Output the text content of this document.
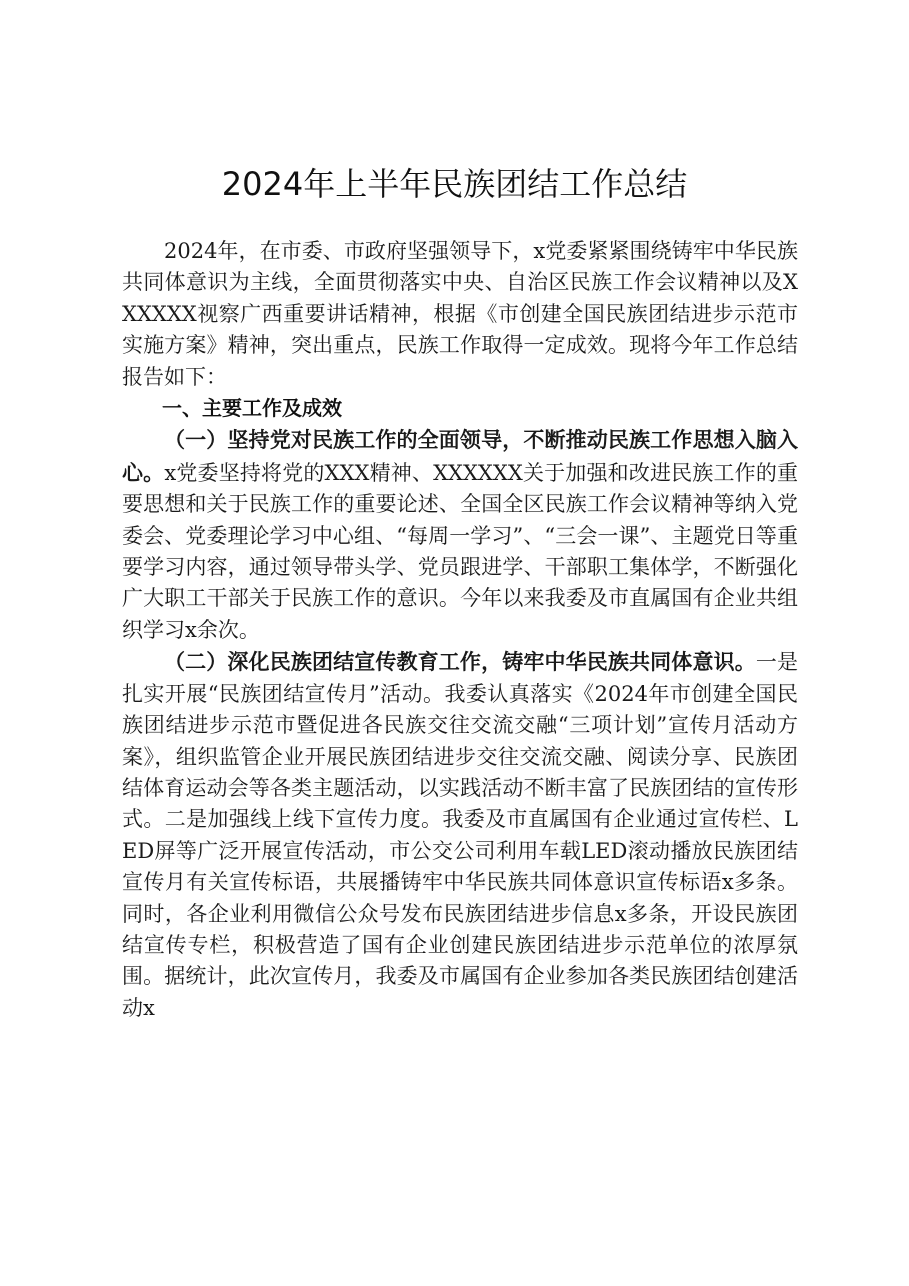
2024年上半年民族团结工作总结

2024年，在市委、市政府坚强领导下，x党委紧紧围绕铸牢中华民族共同体意识为主线，全面贯彻落实中央、自治区民族工作会议精神以及XXXXXX视察广西重要讲话精神，根据《市创建全国民族团结进步示范市实施方案》精神，突出重点，民族工作取得一定成效。现将今年工作总结报告如下：

一、主要工作及成效

（一）坚持党对民族工作的全面领导，不断推动民族工作思想入脑入心。x党委坚持将党的XXX精神、XXXXXX关于加强和改进民族工作的重要思想和关于民族工作的重要论述、全国全区民族工作会议精神等纳入党委会、党委理论学习中心组、“每周一学习”、“三会一课”、主题党日等重要学习内容，通过领导带头学、党员跟进学、干部职工集体学，不断强化广大职工干部关于民族工作的意识。今年以来我委及市直属国有企业共组织学习x余次。

（二）深化民族团结宣传教育工作，铸牢中华民族共同体意识。一是扎实开展“民族团结宣传月”活动。我委认真落实《2024年市创建全国民族团结进步示范市暨促进各民族交往交流交融“三项计划”宣传月活动方案》，组织监管企业开展民族团结进步交往交流交融、阅读分享、民族团结体育运动会等各类主题活动，以实践活动不断丰富了民族团结的宣传形式。二是加强线上线下宣传力度。我委及市直属国有企业通过宣传栏、LED屏等广泛开展宣传活动，市公交公司利用车载LED滚动播放民族团结宣传月有关宣传标语，共展播铸牢中华民族共同体意识宣传标语x多条。同时，各企业利用微信公众号发布民族团结进步信息x多条，开设民族团结宣传专栏，积极营造了国有企业创建民族团结进步示范单位的浓厚氛围。据统计，此次宣传月，我委及市属国有企业参加各类民族团结创建活动x
